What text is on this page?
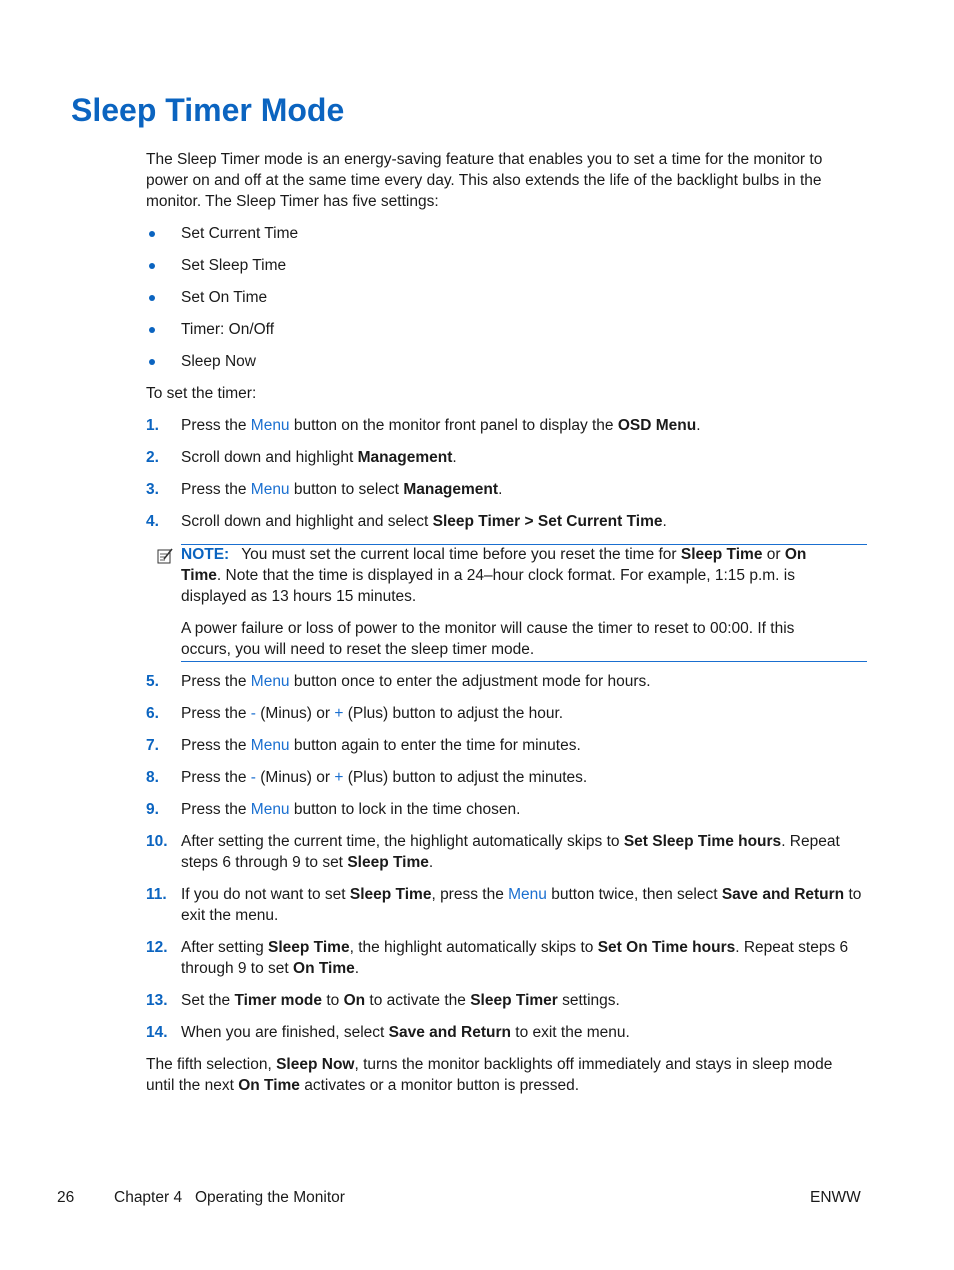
Sleep Timer Mode

The Sleep Timer mode is an energy-saving feature that enables you to set a time for the monitor to power on and off at the same time every day. This also extends the life of the backlight bulbs in the monitor. The Sleep Timer has five settings:

Set Current Time
Set Sleep Time
Set On Time
Timer: On/Off
Sleep Now

To set the timer:

1. Press the Menu button on the monitor front panel to display the OSD Menu.
2. Scroll down and highlight Management.
3. Press the Menu button to select Management.
4. Scroll down and highlight and select Sleep Timer > Set Current Time.
NOTE: You must set the current local time before you reset the time for Sleep Time or On Time. Note that the time is displayed in a 24–hour clock format. For example, 1:15 p.m. is displayed as 13 hours 15 minutes.
A power failure or loss of power to the monitor will cause the timer to reset to 00:00. If this occurs, you will need to reset the sleep timer mode.
5. Press the Menu button once to enter the adjustment mode for hours.
6. Press the - (Minus) or + (Plus) button to adjust the hour.
7. Press the Menu button again to enter the time for minutes.
8. Press the - (Minus) or + (Plus) button to adjust the minutes.
9. Press the Menu button to lock in the time chosen.
10. After setting the current time, the highlight automatically skips to Set Sleep Time hours. Repeat steps 6 through 9 to set Sleep Time.
11. If you do not want to set Sleep Time, press the Menu button twice, then select Save and Return to exit the menu.
12. After setting Sleep Time, the highlight automatically skips to Set On Time hours. Repeat steps 6 through 9 to set On Time.
13. Set the Timer mode to On to activate the Sleep Timer settings.
14. When you are finished, select Save and Return to exit the menu.

The fifth selection, Sleep Now, turns the monitor backlights off immediately and stays in sleep mode until the next On Time activates or a monitor button is pressed.

26	Chapter 4   Operating the Monitor	ENWW
